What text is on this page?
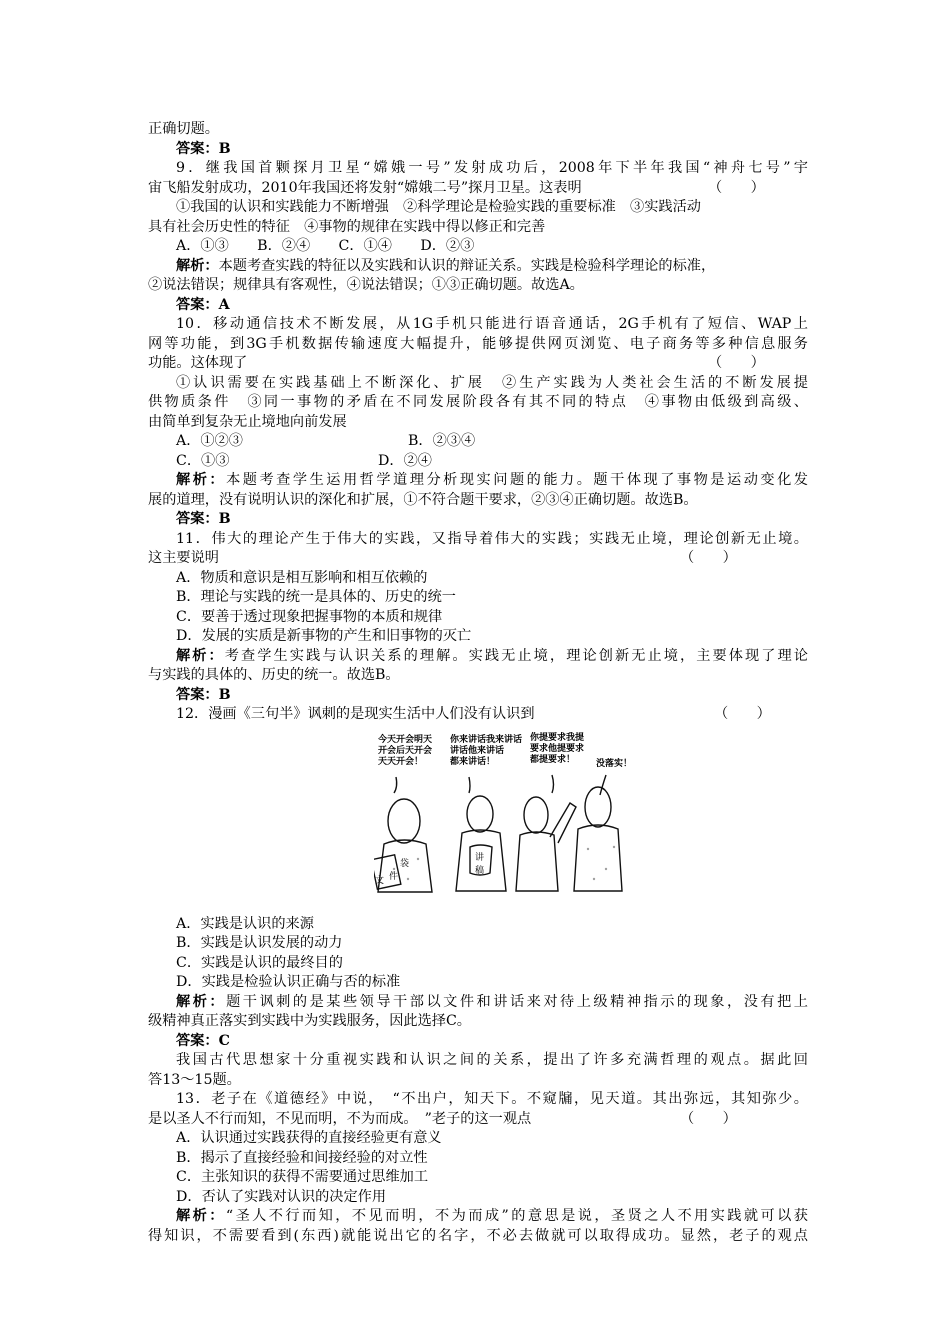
正确切题。
答案：B
9．继我国首颗探月卫星“嫦娥一号”发射成功后，2008年下半年我国“神舟七号”宇
宙飞船发射成功，2010年我国还将发射“嫦娥二号”探月卫星。这表明	（　　）
①我国的认识和实践能力不断增强　②科学理论是检验实践的重要标准　③实践活动
具有社会历史性的特征　④事物的规律在实践中得以修正和完善
A．①③　　B．②④　　C．①④　　D．②③
解析：本题考查实践的特征以及实践和认识的辩证关系。实践是检验科学理论的标准，
②说法错误；规律具有客观性，④说法错误；①③正确切题。故选A。
答案：A
10．移动通信技术不断发展，从1G手机只能进行语音通话，2G手机有了短信、WAP上
网等功能，到3G手机数据传输速度大幅提升，能够提供网页浏览、电子商务等多种信息服务
功能。这体现了	（　　）
①认识需要在实践基础上不断深化、扩展　②生产实践为人类社会生活的不断发展提
供物质条件　③同一事物的矛盾在不同发展阶段各有其不同的特点　④事物由低级到高级、
由简单到复杂无止境地向前发展
A．①②③	B．②③④
C．①③	D．②④
解析：本题考查学生运用哲学道理分析现实问题的能力。题干体现了事物是运动变化发
展的道理，没有说明认识的深化和扩展，①不符合题干要求，②③④正确切题。故选B。
答案：B
11．伟大的理论产生于伟大的实践，又指导着伟大的实践；实践无止境，理论创新无止境。
这主要说明	（　　）
A．物质和意识是相互影响和相互依赖的
B．理论与实践的统一是具体的、历史的统一
C．要善于透过现象把握事物的本质和规律
D．发展的实质是新事物的产生和旧事物的灭亡
解析：考查学生实践与认识关系的理解。实践无止境，理论创新无止境，主要体现了理论
与实践的具体的、历史的统一。故选B。
答案：B
12．漫画《三句半》讽刺的是现实生活中人们没有认识到	（　　）
今天开会明天
开会后天开会
天天开会！
你来讲话我来讲话
讲话他来讲话
都来讲话！
你提要求我提
要求他提要求
都提要求！	没落实！
文 件
袋
讲
稿
A．实践是认识的来源
B．实践是认识发展的动力
C．实践是认识的最终目的
D．实践是检验认识正确与否的标准
解析：题干讽刺的是某些领导干部以文件和讲话来对待上级精神指示的现象，没有把上
级精神真正落实到实践中为实践服务，因此选择C。
答案：C
我国古代思想家十分重视实践和认识之间的关系，提出了许多充满哲理的观点。据此回
答13～15题。
13．老子在《道德经》中说，　“不出户，知天下。不窥牖，见天道。其出弥远，其知弥少。
是以圣人不行而知，不见而明，不为而成。　”老子的这一观点	（　　）
A．认识通过实践获得的直接经验更有意义
B．揭示了直接经验和间接经验的对立性
C．主张知识的获得不需要通过思维加工
D．否认了实践对认识的决定作用
解析：“圣人不行而知，不见而明，不为而成”的意思是说，圣贤之人不用实践就可以获
得知识，不需要看到(东西)就能说出它的名字，不必去做就可以取得成功。显然，老子的观点
